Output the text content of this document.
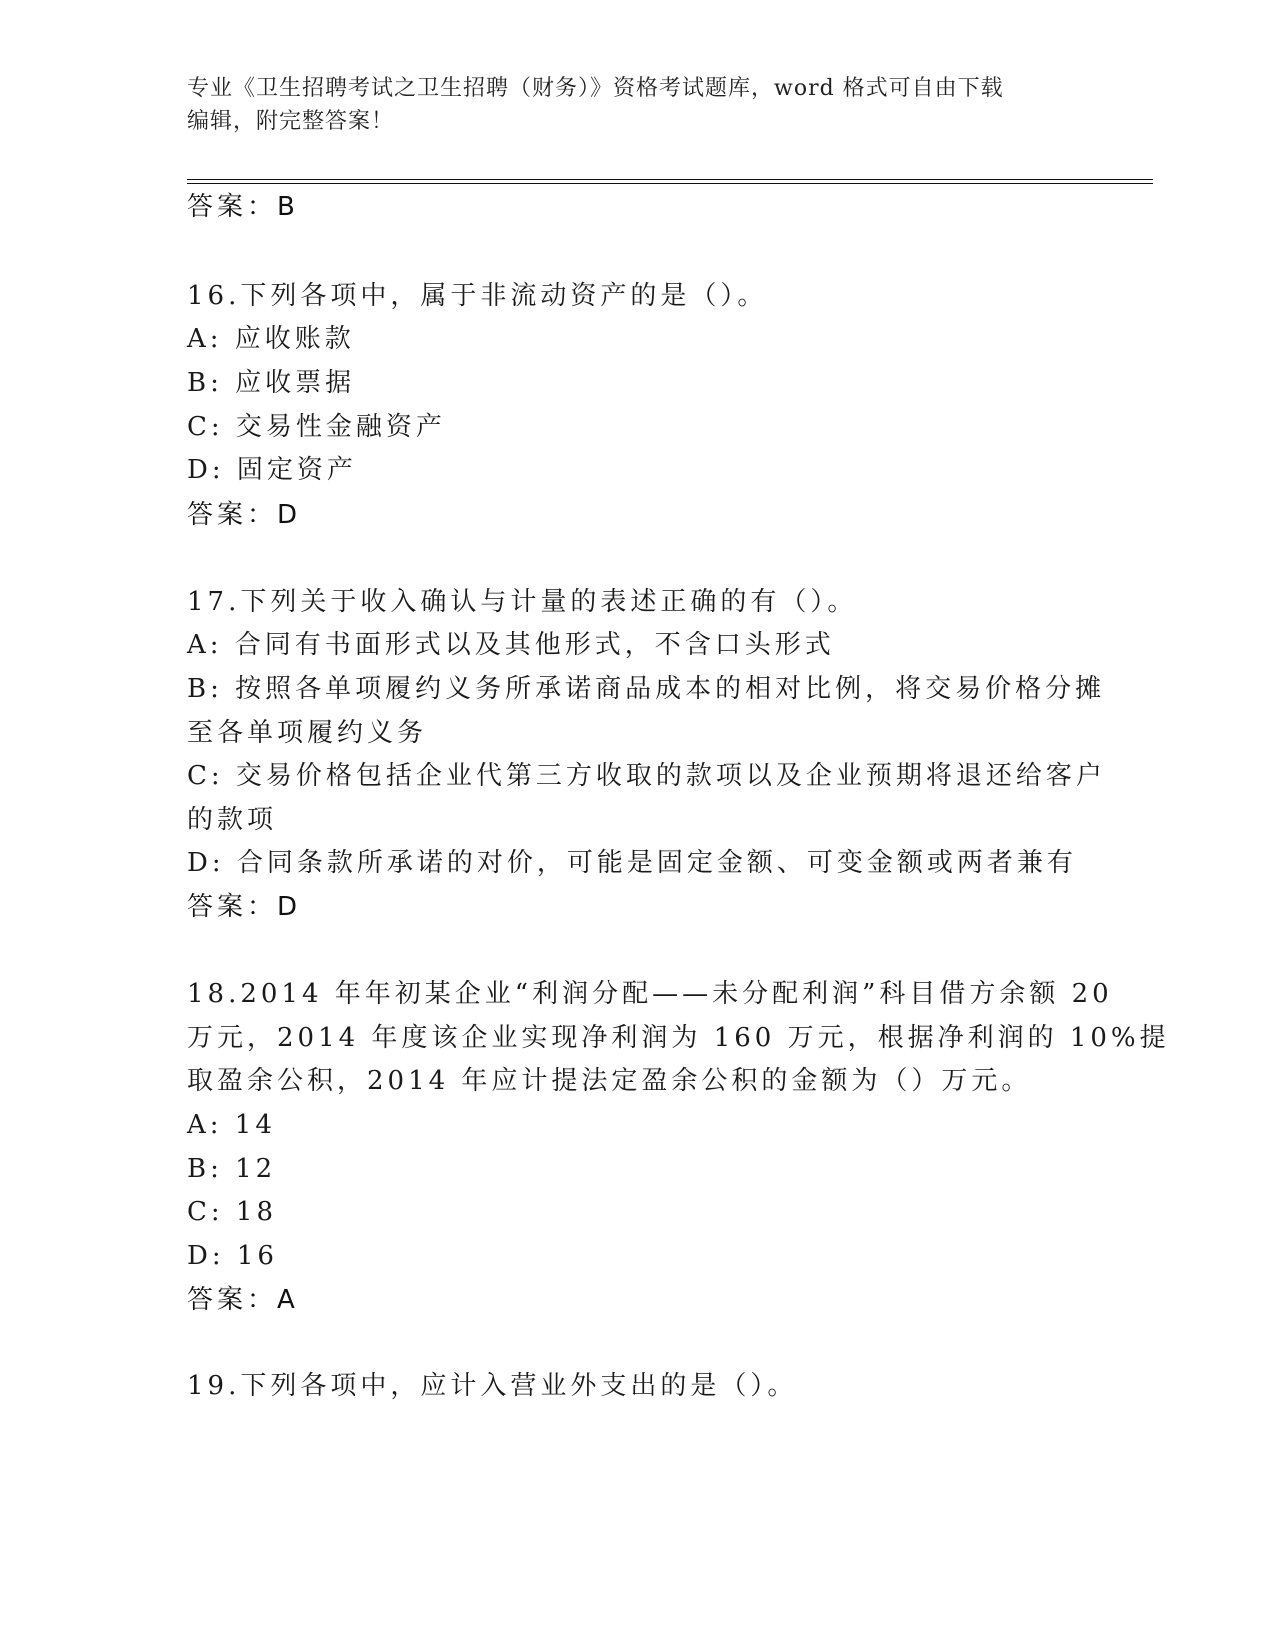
专业《卫生招聘考试之卫生招聘（财务）》资格考试题库，word 格式可自由下载
编辑，附完整答案！
答案：B
16.下列各项中，属于非流动资产的是（）。
A: 应收账款
B: 应收票据
C: 交易性金融资产
D: 固定资产
答案：D
17.下列关于收入确认与计量的表述正确的有（）。
A: 合同有书面形式以及其他形式，不含口头形式
B: 按照各单项履约义务所承诺商品成本的相对比例，将交易价格分摊
至各单项履约义务
C: 交易价格包括企业代第三方收取的款项以及企业预期将退还给客户
的款项
D: 合同条款所承诺的对价，可能是固定金额、可变金额或两者兼有
答案：D
18.2014 年年初某企业“利润分配——未分配利润”科目借方余额 20
万元，2014 年度该企业实现净利润为 160 万元，根据净利润的 10%提
取盈余公积，2014 年应计提法定盈余公积的金额为（）万元。
A: 14
B: 12
C: 18
D: 16
答案：A
19.下列各项中，应计入营业外支出的是（）。
